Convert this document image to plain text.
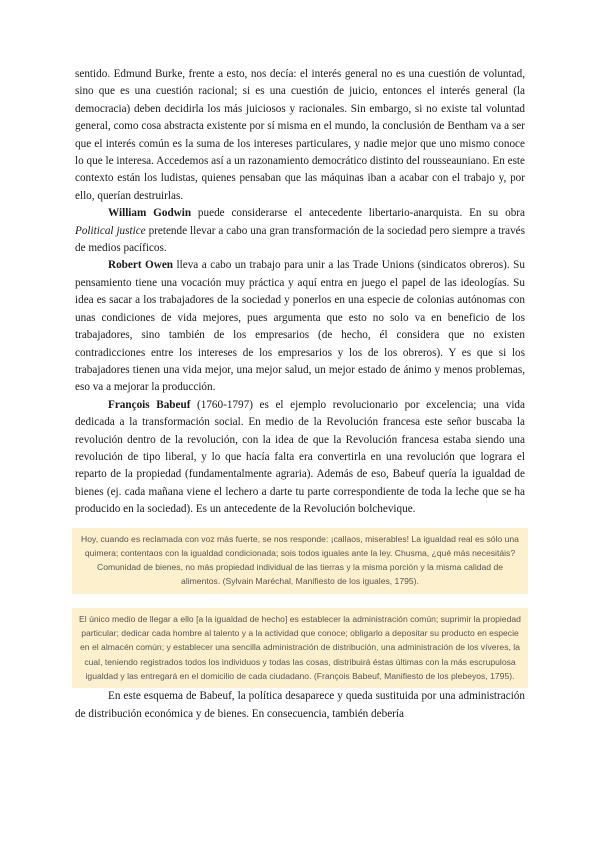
sentido. Edmund Burke, frente a esto, nos decía: el interés general no es una cuestión de voluntad, sino que es una cuestión racional; si es una cuestión de juicio, entonces el interés general (la democracia) deben decidirla los más juiciosos y racionales. Sin embargo, si no existe tal voluntad general, como cosa abstracta existente por sí misma en el mundo, la conclusión de Bentham va a ser que el interés común es la suma de los intereses particulares, y nadie mejor que uno mismo conoce lo que le interesa. Accedemos así a un razonamiento democrático distinto del rousseauniano. En este contexto están los ludistas, quienes pensaban que las máquinas iban a acabar con el trabajo y, por ello, querían destruirlas.

William Godwin puede considerarse el antecedente libertario-anarquista. En su obra Political justice pretende llevar a cabo una gran transformación de la sociedad pero siempre a través de medios pacíficos.

Robert Owen lleva a cabo un trabajo para unir a las Trade Unions (sindicatos obreros). Su pensamiento tiene una vocación muy práctica y aquí entra en juego el papel de las ideologías. Su idea es sacar a los trabajadores de la sociedad y ponerlos en una especie de colonias autónomas con unas condiciones de vida mejores, pues argumenta que esto no solo va en beneficio de los trabajadores, sino también de los empresarios (de hecho, él considera que no existen contradicciones entre los intereses de los empresarios y los de los obreros). Y es que si los trabajadores tienen una vida mejor, una mejor salud, un mejor estado de ánimo y menos problemas, eso va a mejorar la producción.

François Babeuf (1760-1797) es el ejemplo revolucionario por excelencia; una vida dedicada a la transformación social. En medio de la Revolución francesa este señor buscaba la revolución dentro de la revolución, con la idea de que la Revolución francesa estaba siendo una revolución de tipo liberal, y lo que hacía falta era convertirla en una revolución que lograra el reparto de la propiedad (fundamentalmente agraria). Además de eso, Babeuf quería la igualdad de bienes (ej. cada mañana viene el lechero a darte tu parte correspondiente de toda la leche que se ha producido en la sociedad). Es un antecedente de la Revolución bolchevique.

Hoy, cuando es reclamada con voz más fuerte, se nos responde: ¡callaos, miserables! La igualdad real es sólo una quimera; contentaos con la igualdad condicionada; sois todos iguales ante la ley. Chusma, ¿qué más necesitáis? Comunidad de bienes, no más propiedad individual de las tierras y la misma porción y la misma calidad de alimentos. (Sylvain Maréchal, Manifiesto de los iguales, 1795).
El único medio de llegar a ello [a la igualdad de hecho] es establecer la administración común; suprimir la propiedad particular; dedicar cada hombre al talento y a la actividad que conoce; obligarlo a depositar su producto en especie en el almacén común; y establecer una sencilla administración de distribución, una administración de los víveres, la cual, teniendo registrados todos los individuos y todas las cosas, distribuirá éstas últimas con la más escrupulosa igualdad y las entregará en el domicilio de cada ciudadano. (François Babeuf, Manifiesto de los plebeyos, 1795).

En este esquema de Babeuf, la política desaparece y queda sustituida por una administración de distribución económica y de bienes. En consecuencia, también debería
